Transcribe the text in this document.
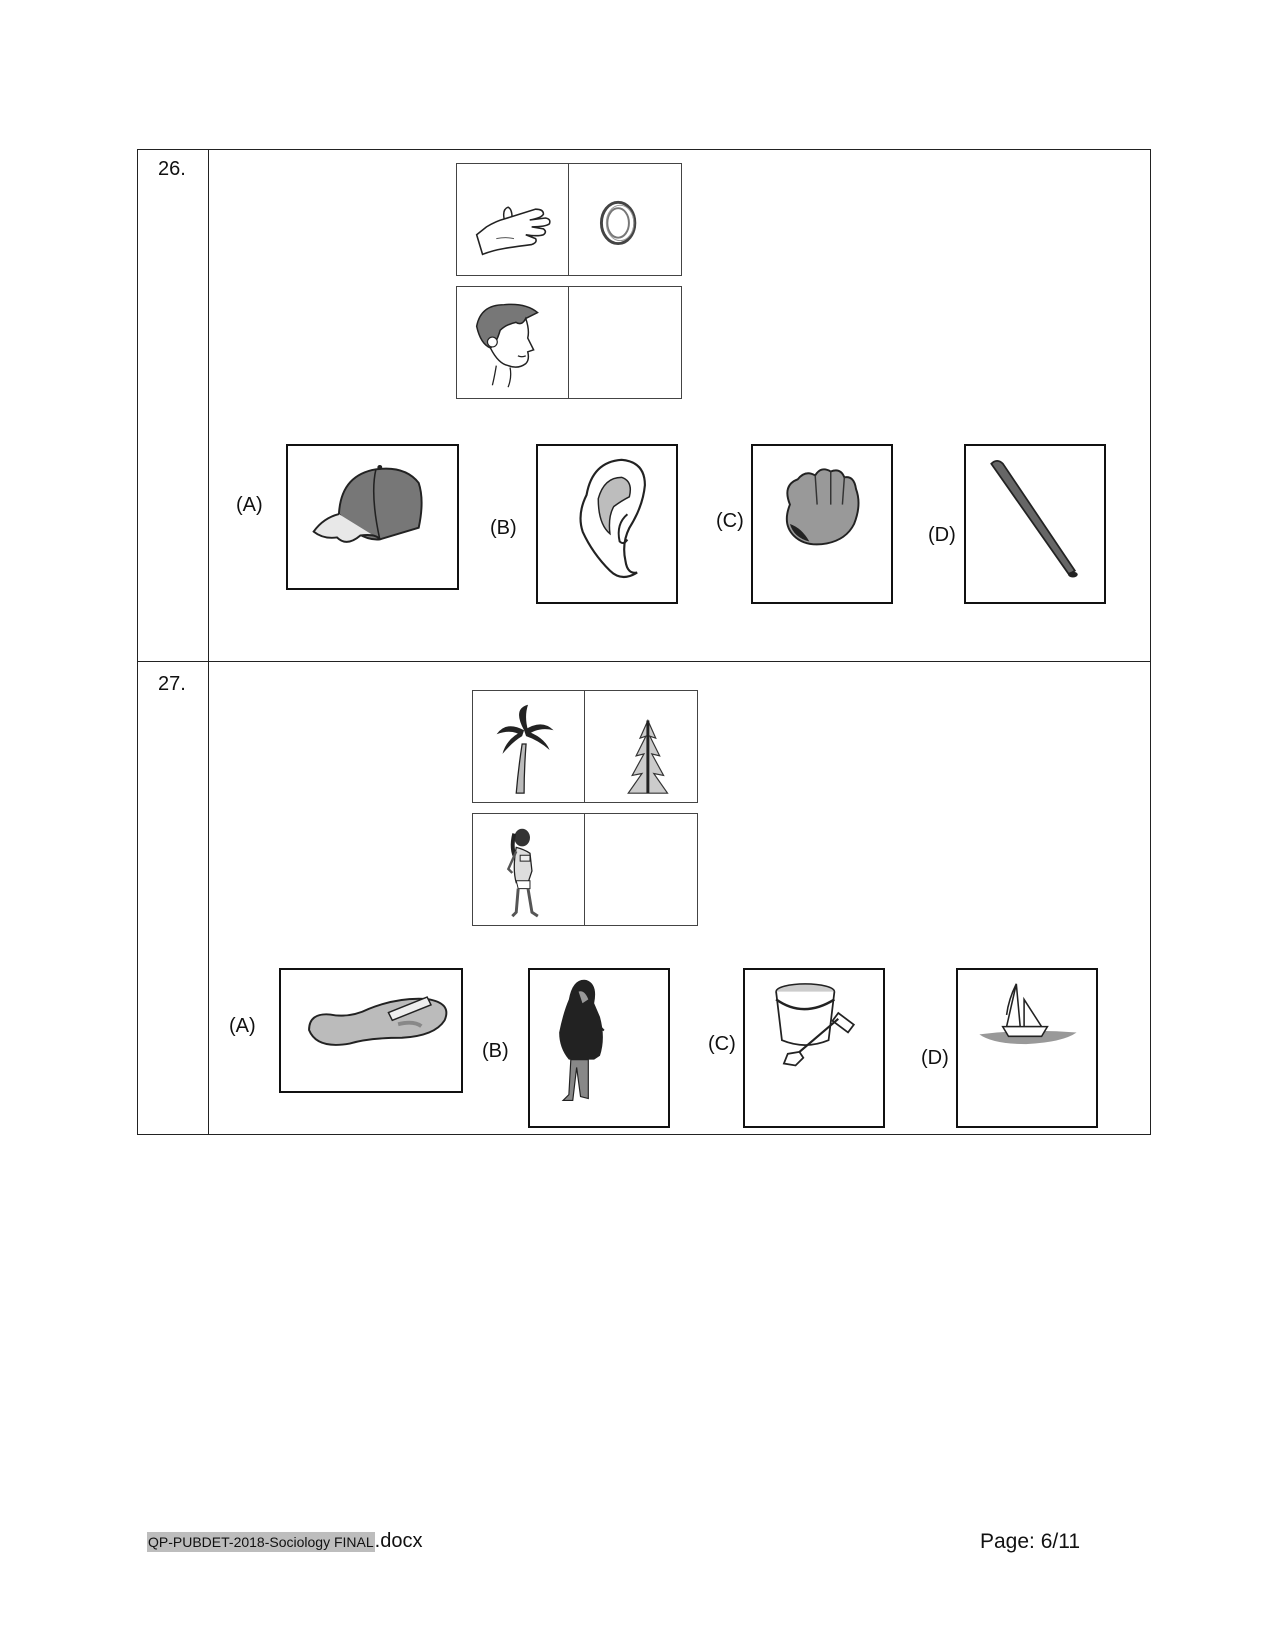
26.
(A)
(B)	(C)
(D)
27.
(A)
(B)	(C)
(D)
QP-PUBDET-2018-Sociology FINAL.docx	Page: 6/11
